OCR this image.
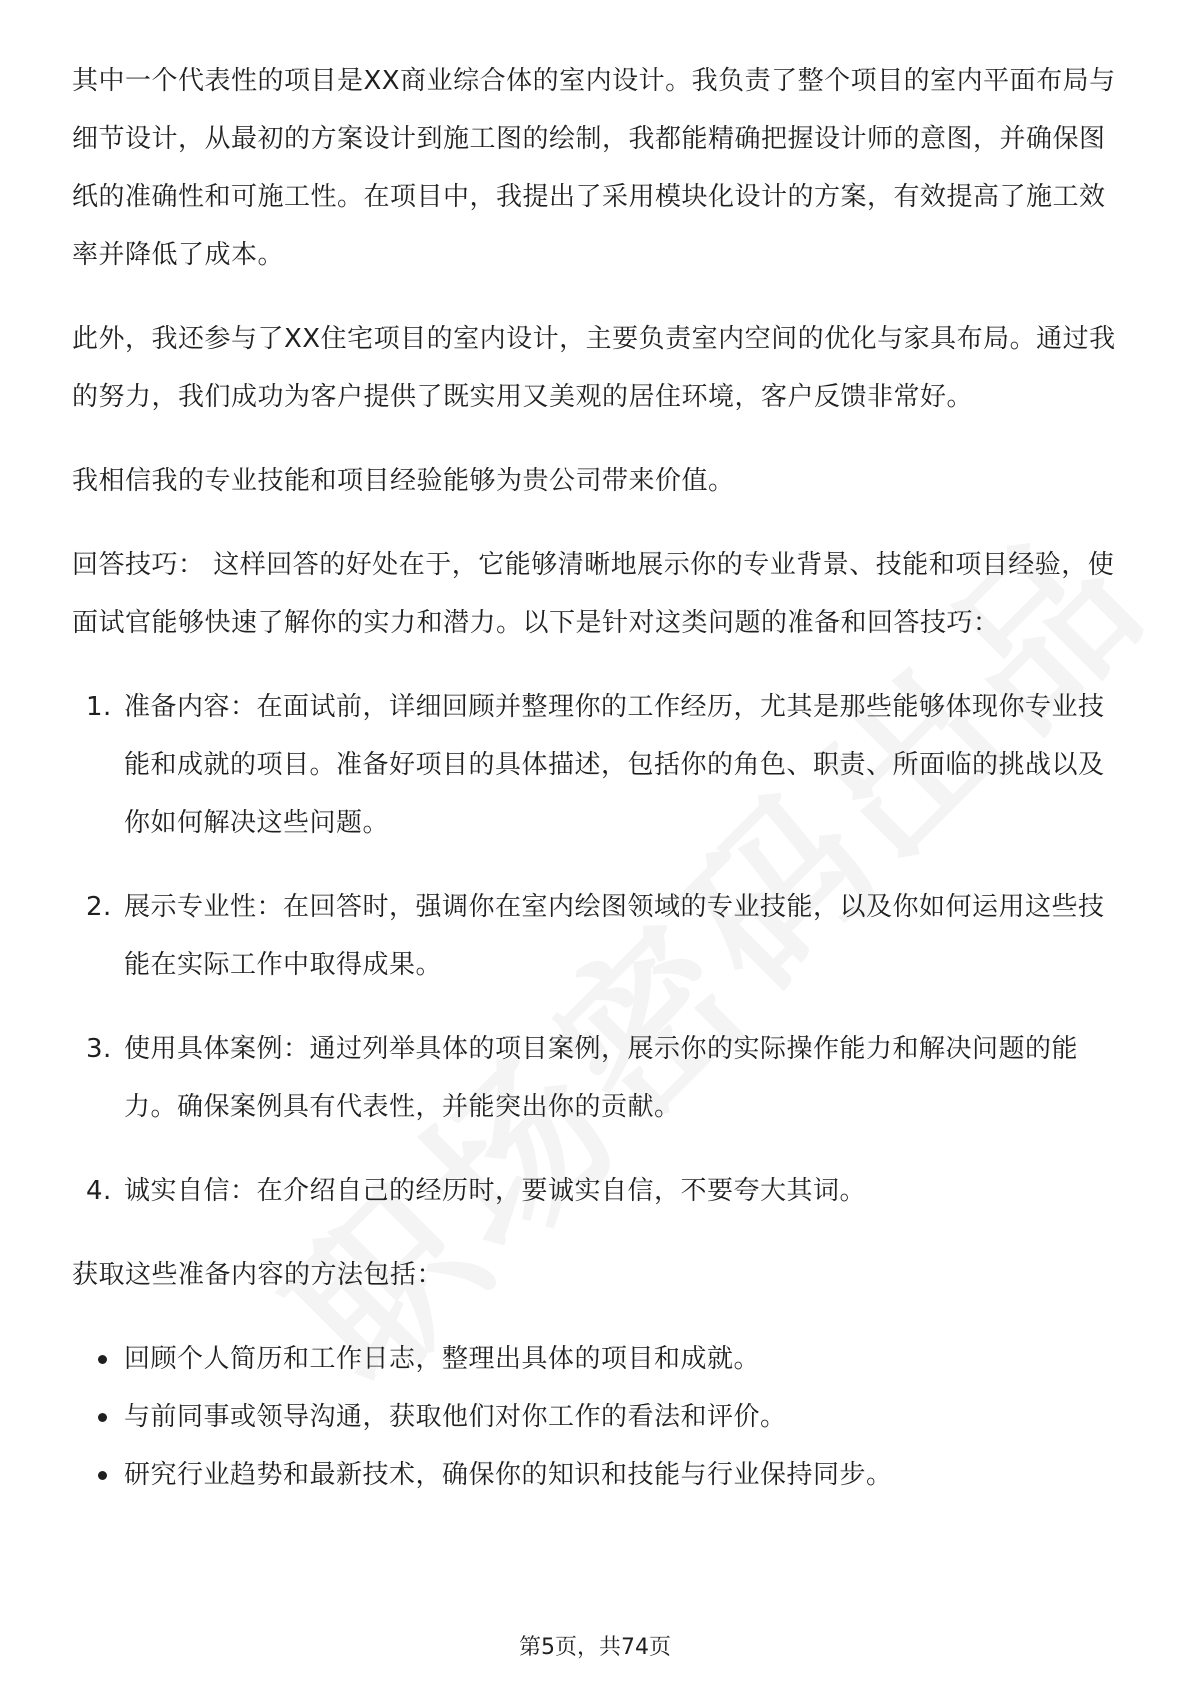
其中一个代表性的项目是XX商业综合体的室内设计。我负责了整个项目的室内平面布局与细节设计，从最初的方案设计到施工图的绘制，我都能精确把握设计师的意图，并确保图纸的准确性和可施工性。在项目中，我提出了采用模块化设计的方案，有效提高了施工效率并降低了成本。

此外，我还参与了XX住宅项目的室内设计，主要负责室内空间的优化与家具布局。通过我的努力，我们成功为客户提供了既实用又美观的居住环境，客户反馈非常好。

我相信我的专业技能和项目经验能够为贵公司带来价值。

回答技巧： 这样回答的好处在于，它能够清晰地展示你的专业背景、技能和项目经验，使面试官能够快速了解你的实力和潜力。以下是针对这类问题的准备和回答技巧：

1. 准备内容：在面试前，详细回顾并整理你的工作经历，尤其是那些能够体现你专业技能和成就的项目。准备好项目的具体描述，包括你的角色、职责、所面临的挑战以及你如何解决这些问题。
2. 展示专业性：在回答时，强调你在室内绘图领域的专业技能，以及你如何运用这些技能在实际工作中取得成果。
3. 使用具体案例：通过列举具体的项目案例，展示你的实际操作能力和解决问题的能力。确保案例具有代表性，并能突出你的贡献。
4. 诚实自信：在介绍自己的经历时，要诚实自信，不要夸大其词。

获取这些准备内容的方法包括：

回顾个人简历和工作日志，整理出具体的项目和成就。
与前同事或领导沟通，获取他们对你工作的看法和评价。
研究行业趋势和最新技术，确保你的知识和技能与行业保持同步。
第5页，共74页
